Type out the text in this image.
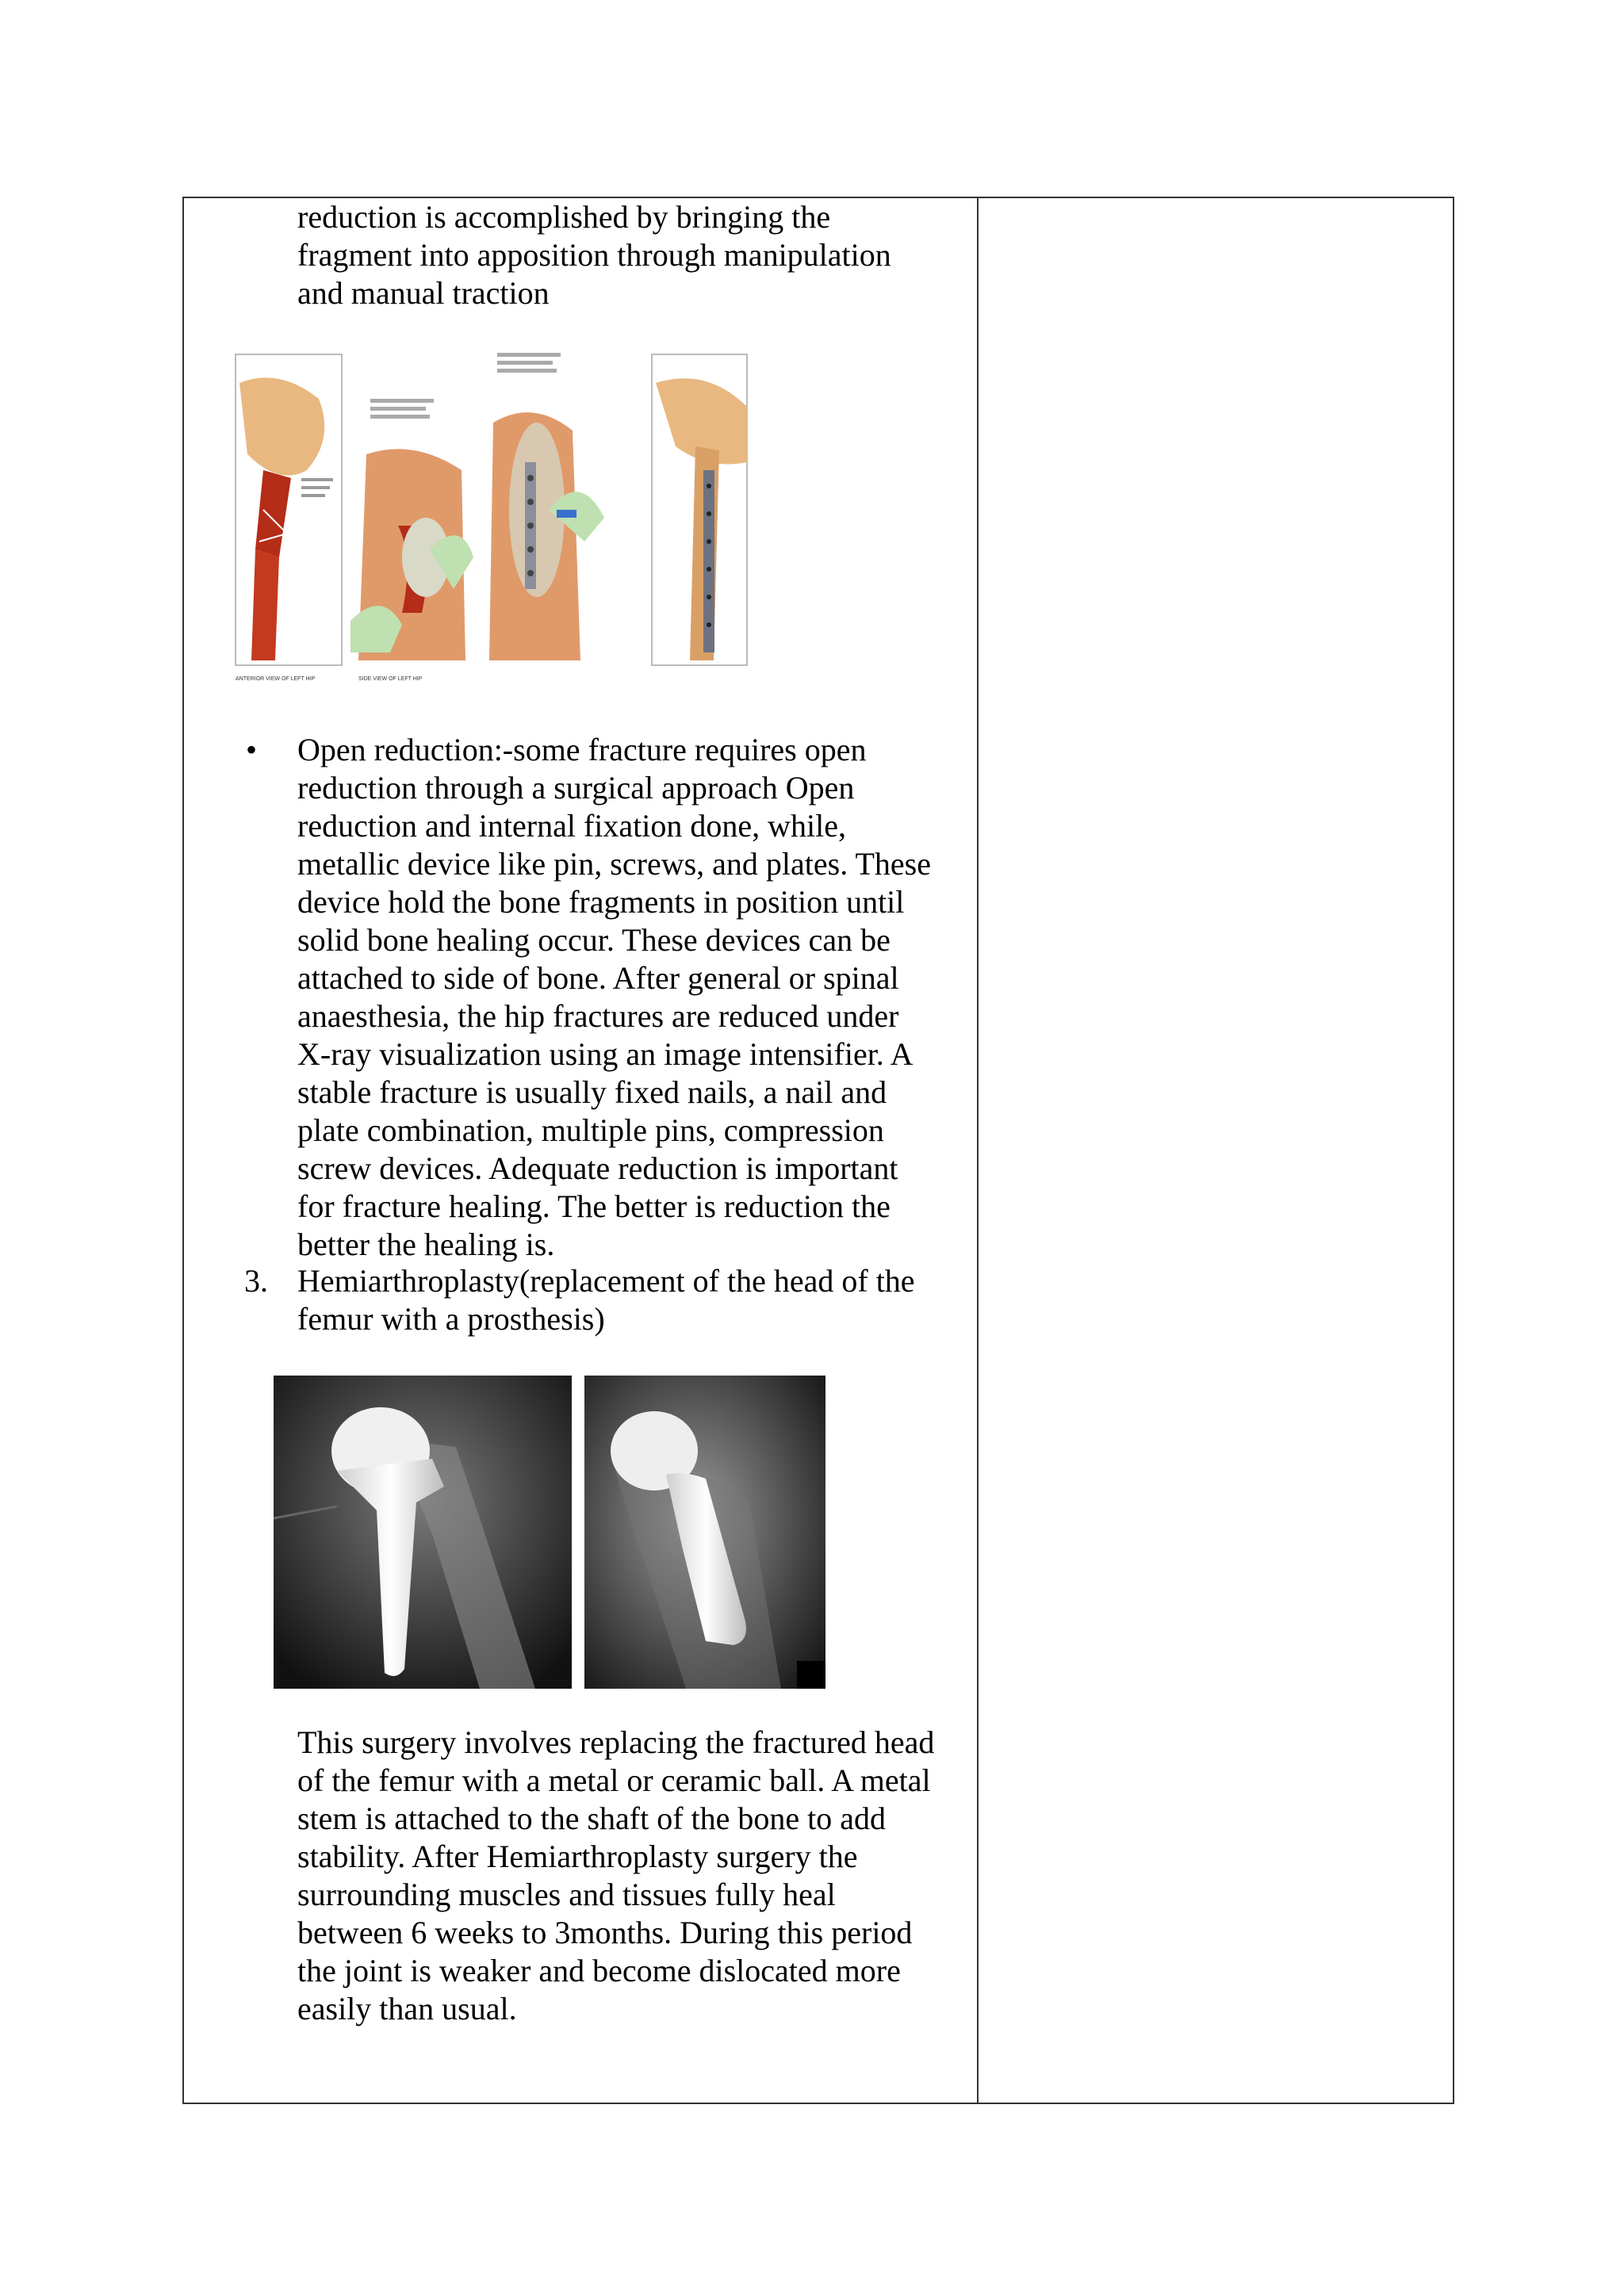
reduction is accomplished by bringing the
fragment into apposition through manipulation
and manual traction
SIDE VIEW OF LEFT HIP
ANTERIOR VIEW OF LEFT HIP
• Open reduction:-some fracture requires open
reduction through a surgical approach Open
reduction and internal fixation done, while,
metallic device like pin, screws, and plates. These
device hold the bone fragments in position until
solid bone healing occur. These devices can be
attached to side of bone. After general or spinal
anaesthesia, the hip fractures are reduced under
X-ray visualization using an image intensifier. A
stable fracture is usually fixed nails, a nail and
plate combination, multiple pins, compression
screw devices. Adequate reduction is important
for fracture healing. The better is reduction the
better the healing is.
3. Hemiarthroplasty(replacement of the head of the
femur with a prosthesis)
This surgery involves replacing the fractured head
of the femur with a metal or ceramic ball. A metal
stem is attached to the shaft of the bone to add
stability. After Hemiarthroplasty surgery the
surrounding muscles and tissues fully heal
between 6 weeks to 3months. During this period
the joint is weaker and become dislocated more
easily than usual.
